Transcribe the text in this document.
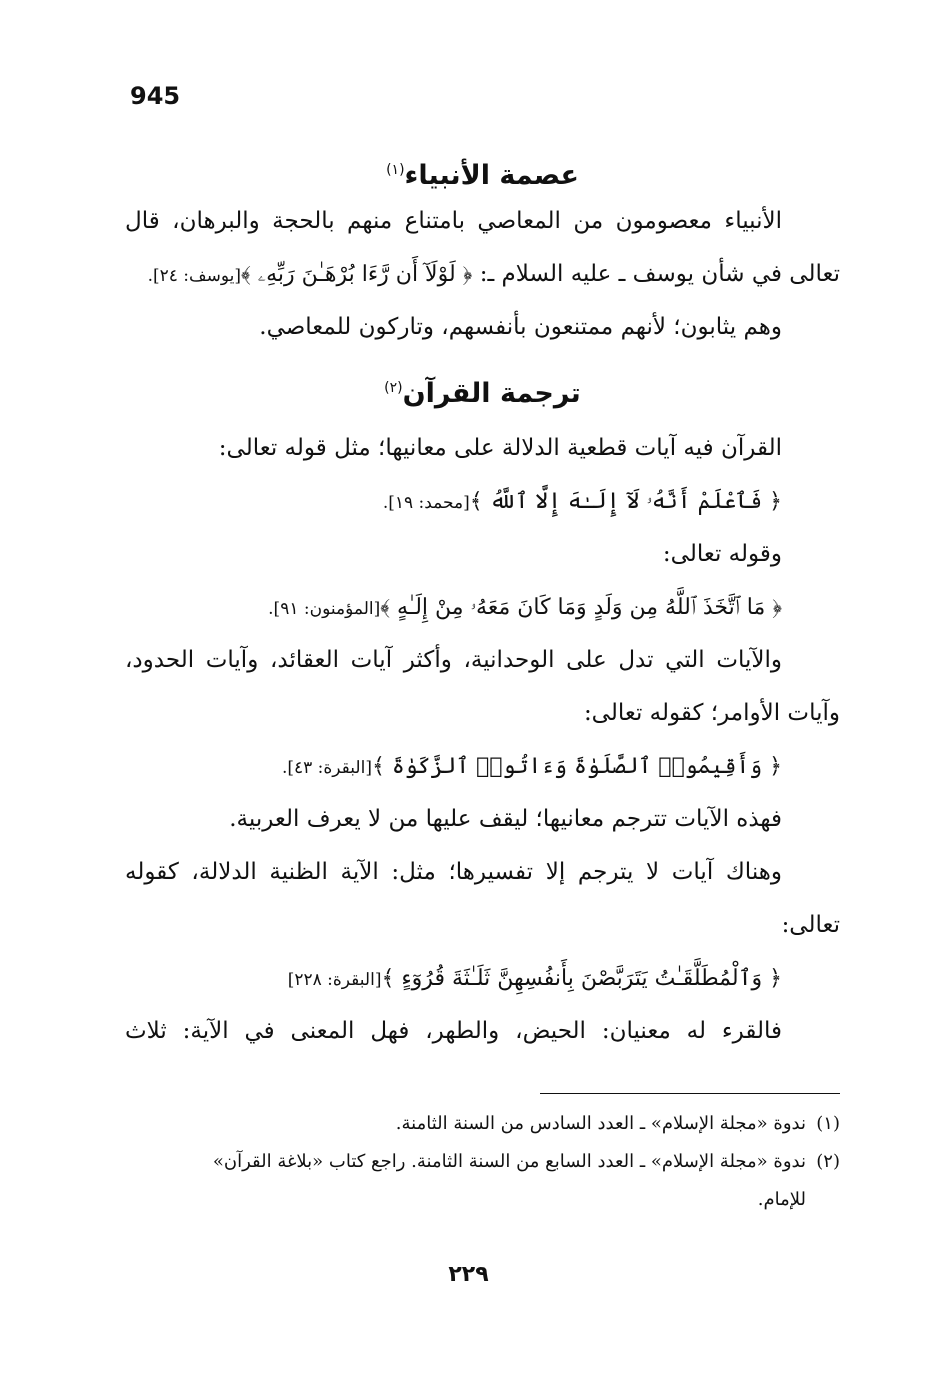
945
عصمة الأنبياء$^{(١)}$

الأنبياء معصومون من المعاصي بامتناع منهم بالحجة والبرهان، قال

تعالى في شأن يوسف ـ عليه السلام ـ: ﴿ لَوْلَآ أَن رَّءَا بُرْهَـٰنَ رَبِّهِۦ ﴾[يوسف: ٢٤].

وهم يثابون؛ لأنهم ممتنعون بأنفسهم، وتاركون للمعاصي.

ترجمة القرآن$^{(٢)}$

القرآن فيه آيات قطعية الدلالة على معانيها؛ مثل قوله تعالى:

﴿ فَٱعْلَمْ أَنَّهُۥ لَآ إِلَـٰهَ إِلَّا ٱللَّهُ ﴾[محمد: ١٩].

وقوله تعالى:

﴿ مَا ٱتَّخَذَ ٱللَّهُ مِن وَلَدٍ وَمَا كَانَ مَعَهُۥ مِنْ إِلَـٰهٍ ﴾[المؤمنون: ٩١].

والآيات التي تدل على الوحدانية، وأكثر آيات العقائد، وآيات الحدود،

وآيات الأوامر؛ كقوله تعالى:

﴿ وَأَقِيمُوا۟ ٱلصَّلَوٰةَ وَءَاتُوا۟ ٱلزَّكَوٰةَ ﴾[البقرة: ٤٣].

فهذه الآيات تترجم معانيها؛ ليقف عليها من لا يعرف العربية.

وهناك آيات لا يترجم إلا تفسيرها؛ مثل: الآية الظنية الدلالة، كقوله

تعالى:

﴿ وَٱلْمُطَلَّقَـٰتُ يَتَرَبَّصْنَ بِأَنفُسِهِنَّ ثَلَـٰثَةَ قُرُوٓءٍ ﴾[البقرة: ٢٢٨]

فالقرء له معنيان: الحيض، والطهر، فهل المعنى في الآية: ثلاث

(١)ندوة «مجلة الإسلام» ـ العدد السادس من السنة الثامنة.

(٢)ندوة «مجلة الإسلام» ـ العدد السابع من السنة الثامنة. راجع كتاب «بلاغة القرآن»

للإمام.

٢٢٩
